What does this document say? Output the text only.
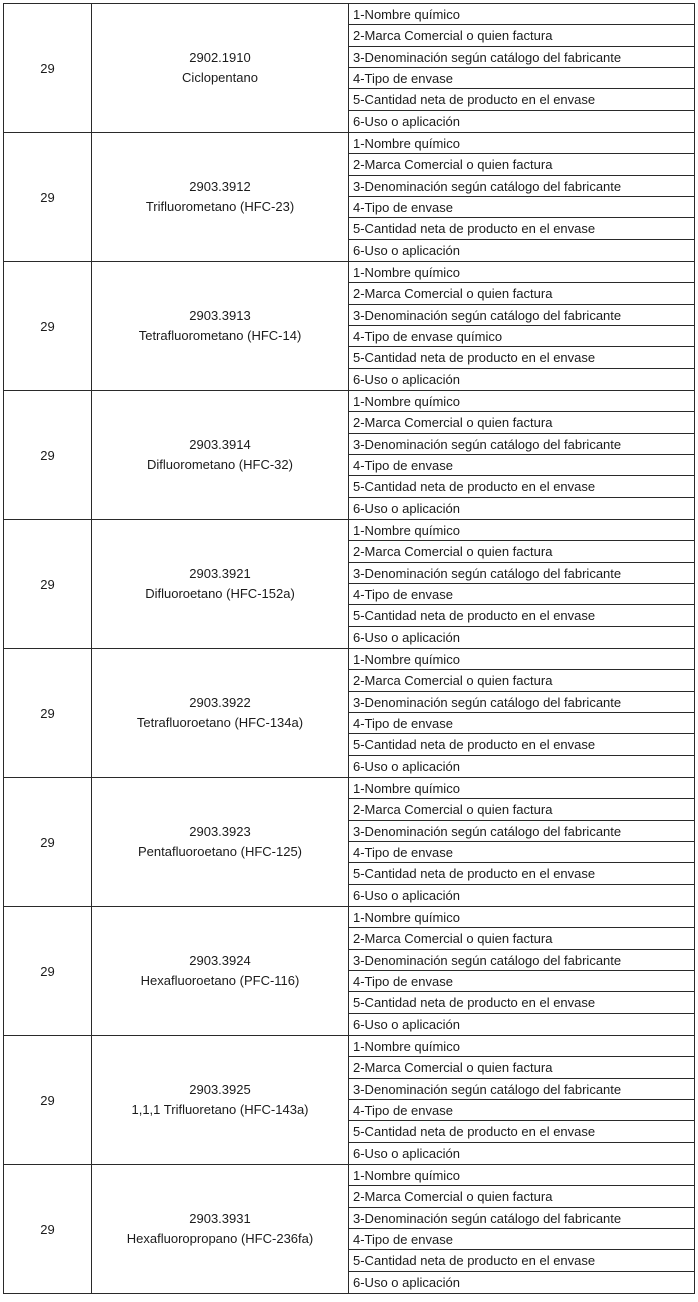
29
2902.1910
Ciclopentano
1-Nombre químico
2-Marca Comercial o quien factura
3-Denominación según catálogo del fabricante
4-Tipo de envase
5-Cantidad neta de producto en el envase
6-Uso o aplicación
29
2903.3912
Trifluorometano (HFC-23)
1-Nombre químico
2-Marca Comercial o quien factura
3-Denominación según catálogo del fabricante
4-Tipo de envase
5-Cantidad neta de producto en el envase
6-Uso o aplicación
29
2903.3913
Tetrafluorometano (HFC-14)
1-Nombre químico
2-Marca Comercial o quien factura
3-Denominación según catálogo del fabricante
4-Tipo de envase químico
5-Cantidad neta de producto en el envase
6-Uso o aplicación
29
2903.3914
Difluorometano (HFC-32)
1-Nombre químico
2-Marca Comercial o quien factura
3-Denominación según catálogo del fabricante
4-Tipo de envase
5-Cantidad neta de producto en el envase
6-Uso o aplicación
29
2903.3921
Difluoroetano (HFC-152a)
1-Nombre químico
2-Marca Comercial o quien factura
3-Denominación según catálogo del fabricante
4-Tipo de envase
5-Cantidad neta de producto en el envase
6-Uso o aplicación
29
2903.3922
Tetrafluoroetano (HFC-134a)
1-Nombre químico
2-Marca Comercial o quien factura
3-Denominación según catálogo del fabricante
4-Tipo de envase
5-Cantidad neta de producto en el envase
6-Uso o aplicación
29
2903.3923
Pentafluoroetano (HFC-125)
1-Nombre químico
2-Marca Comercial o quien factura
3-Denominación según catálogo del fabricante
4-Tipo de envase
5-Cantidad neta de producto en el envase
6-Uso o aplicación
29
2903.3924
Hexafluoroetano (PFC-116)
1-Nombre químico
2-Marca Comercial o quien factura
3-Denominación según catálogo del fabricante
4-Tipo de envase
5-Cantidad neta de producto en el envase
6-Uso o aplicación
29
2903.3925
1,1,1 Trifluoretano (HFC-143a)
1-Nombre químico
2-Marca Comercial o quien factura
3-Denominación según catálogo del fabricante
4-Tipo de envase
5-Cantidad neta de producto en el envase
6-Uso o aplicación
29
2903.3931
Hexafluoropropano (HFC-236fa)
1-Nombre químico
2-Marca Comercial o quien factura
3-Denominación según catálogo del fabricante
4-Tipo de envase
5-Cantidad neta de producto en el envase
6-Uso o aplicación
